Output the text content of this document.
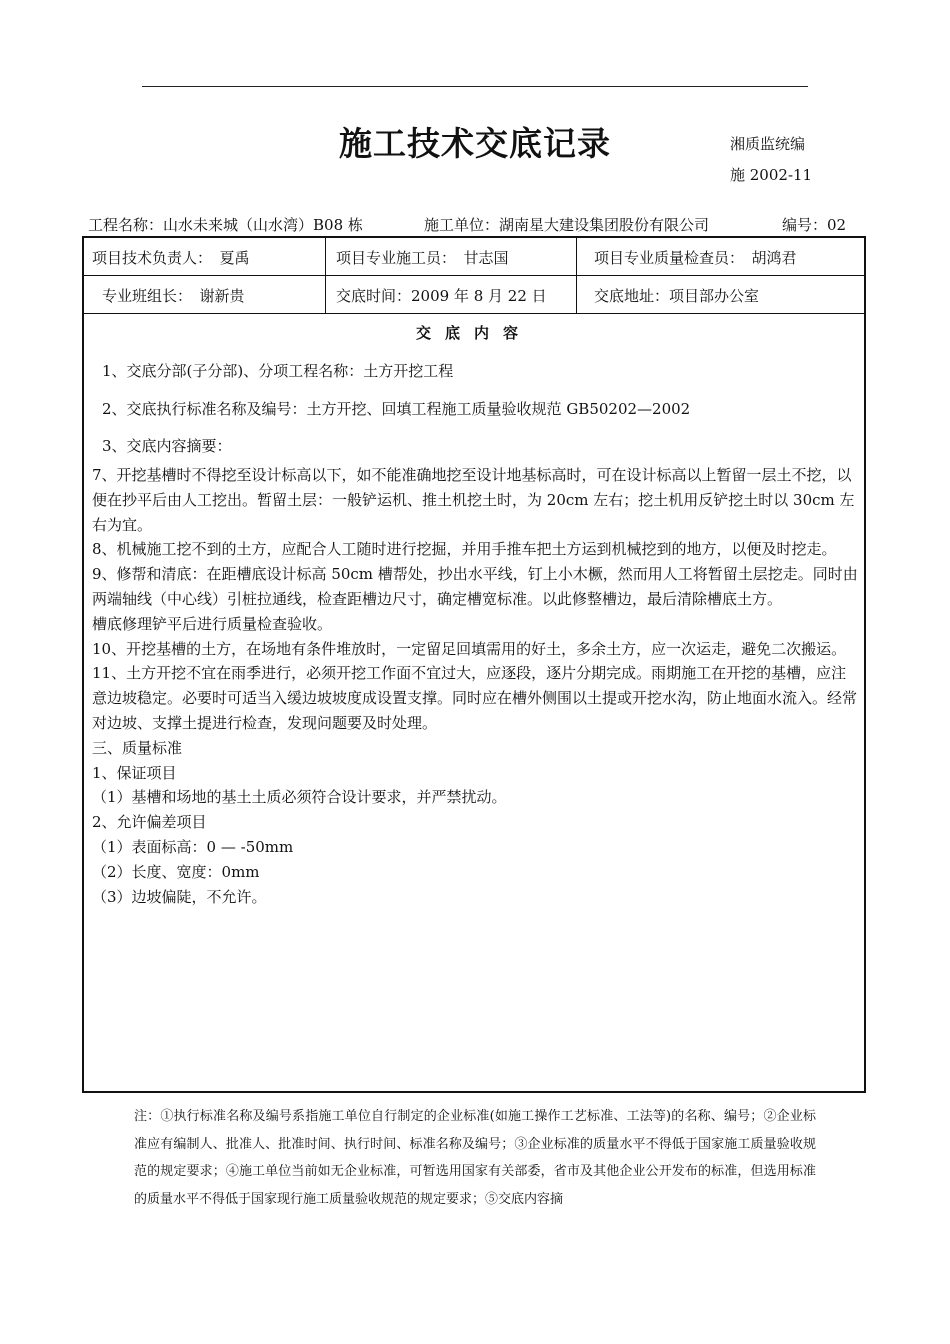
施工技术交底记录	湘质监统编
施 2002-11
工程名称：山水未来城（山水湾）B08 栋	施工单位：湖南星大建设集团股份有限公司	编号：02
项目技术负责人：　夏禹	项目专业施工员：　甘志国	项目专业质量检查员：　胡鸿君
专业班组长：　谢新贵	交底时间：2009 年 8 月 22 日	交底地址：项目部办公室
交底内容
1、交底分部(子分部)、分项工程名称：土方开挖工程
2、交底执行标准名称及编号：土方开挖、回填工程施工质量验收规范 GB50202—2002
3、交底内容摘要：
7、开挖基槽时不得挖至设计标高以下，如不能准确地挖至设计地基标高时，可在设计标高以上暂留一层土不挖，以便在抄平后由人工挖出。暂留土层：一般铲运机、推土机挖土时，为 20cm 左右；挖土机用反铲挖土时以 30cm 左右为宜。
8、机械施工挖不到的土方，应配合人工随时进行挖掘，并用手推车把土方运到机械挖到的地方，以便及时挖走。
9、修帮和清底：在距槽底设计标高 50cm 槽帮处，抄出水平线，钉上小木橛，然而用人工将暂留土层挖走。同时由两端轴线（中心线）引桩拉通线，检查距槽边尺寸，确定槽宽标准。以此修整槽边，最后清除槽底土方。
槽底修理铲平后进行质量检查验收。
10、开挖基槽的土方，在场地有条件堆放时，一定留足回填需用的好土，多余土方，应一次运走，避免二次搬运。
11、土方开挖不宜在雨季进行，必须开挖工作面不宜过大，应逐段，逐片分期完成。雨期施工在开挖的基槽，应注意边坡稳定。必要时可适当入缓边坡坡度成设置支撑。同时应在槽外侧围以土提或开挖水沟，防止地面水流入。经常对边坡、支撑土提进行检查，发现问题要及时处理。
三、质量标准
1、保证项目
（1）基槽和场地的基土土质必须符合设计要求，并严禁扰动。
2、允许偏差项目
（1）表面标高：0 — -50mm
（2）长度、宽度：0mm
（3）边坡偏陡，不允许。
注：①执行标准名称及编号系指施工单位自行制定的企业标准(如施工操作工艺标准、工法等)的名称、编号；②企业标准应有编制人、批准人、批准时间、执行时间、标准名称及编号；③企业标准的质量水平不得低于国家施工质量验收规范的规定要求；④施工单位当前如无企业标准，可暂选用国家有关部委，省市及其他企业公开发布的标准，但选用标准的质量水平不得低于国家现行施工质量验收规范的规定要求；⑤交底内容摘
